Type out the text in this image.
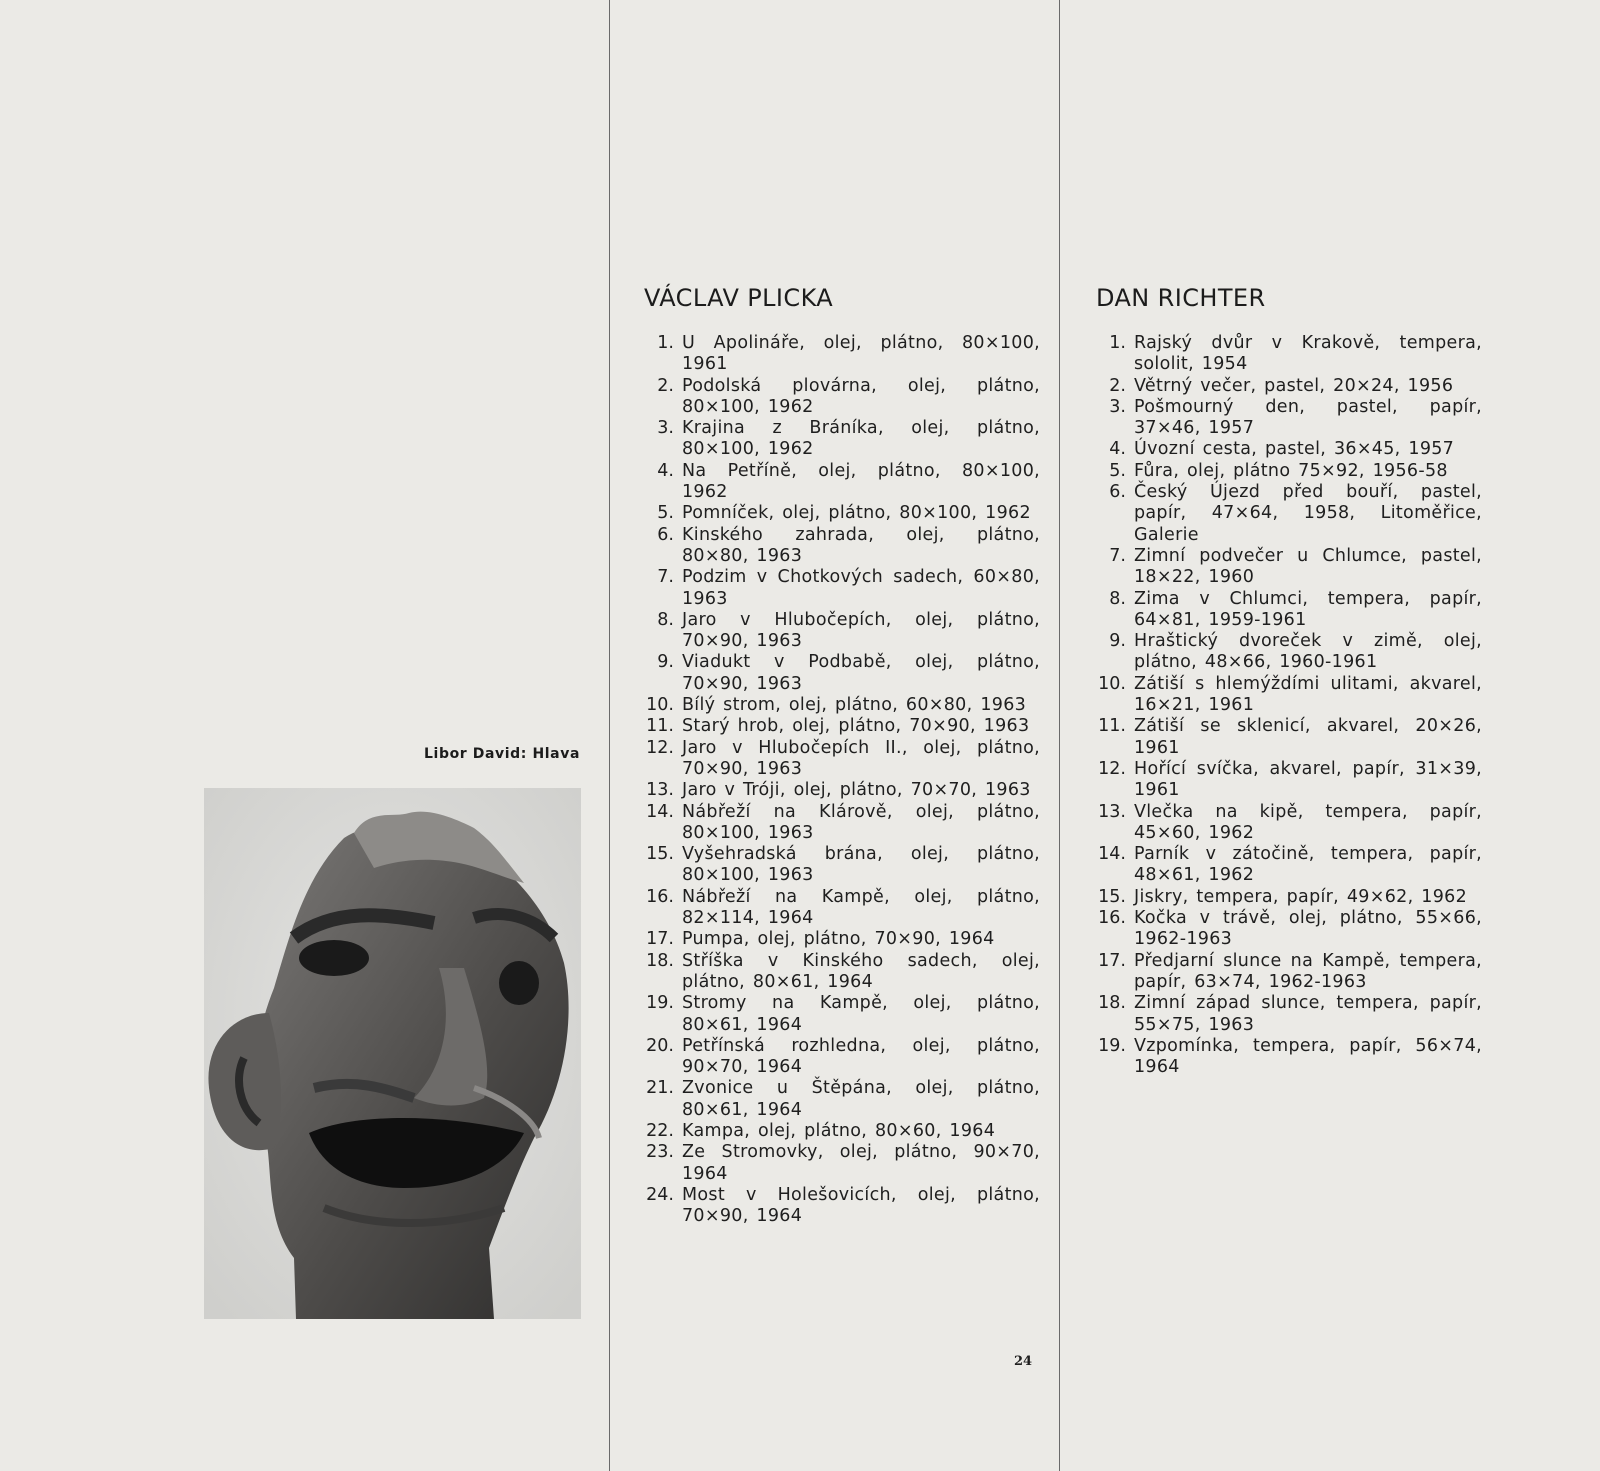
Libor David: Hlava
VÁCLAV PLICKA
1. U Apolináře, olej, plátno, 80×100, 1961
2. Podolská plovárna, olej, plátno, 80×100, 1962
3. Krajina z Bráníka, olej, plátno, 80×100, 1962
4. Na Petříně, olej, plátno, 80×100, 1962
5. Pomníček, olej, plátno, 80×100, 1962
6. Kinského zahrada, olej, plátno, 80×80, 1963
7. Podzim v Chotkových sadech, 60×80, 1963
8. Jaro v Hlubočepích, olej, plátno, 70×90, 1963
9. Viadukt v Podbabě, olej, plátno, 70×90, 1963
10. Bílý strom, olej, plátno, 60×80, 1963
11. Starý hrob, olej, plátno, 70×90, 1963
12. Jaro v Hlubočepích II., olej, plátno, 70×90, 1963
13. Jaro v Tróji, olej, plátno, 70×70, 1963
14. Nábřeží na Klárově, olej, plátno, 80×100, 1963
15. Vyšehradská brána, olej, plátno, 80×100, 1963
16. Nábřeží na Kampě, olej, plátno, 82×114, 1964
17. Pumpa, olej, plátno, 70×90, 1964
18. Stříška v Kinského sadech, olej, plátno, 80×61, 1964
19. Stromy na Kampě, olej, plátno, 80×61, 1964
20. Petřínská rozhledna, olej, plátno, 90×70, 1964
21. Zvonice u Štěpána, olej, plátno, 80×61, 1964
22. Kampa, olej, plátno, 80×60, 1964
23. Ze Stromovky, olej, plátno, 90×70, 1964
24. Most v Holešovicích, olej, plátno, 70×90, 1964
DAN RICHTER
1. Rajský dvůr v Krakově, tempera, sololit, 1954
2. Větrný večer, pastel, 20×24, 1956
3. Pošmourný den, pastel, papír, 37×46, 1957
4. Úvozní cesta, pastel, 36×45, 1957
5. Fůra, olej, plátno 75×92, 1956-58
6. Český Újezd před bouří, pastel, papír, 47×64, 1958, Litoměřice, Galerie
7. Zimní podvečer u Chlumce, pastel, 18×22, 1960
8. Zima v Chlumci, tempera, papír, 64×81, 1959-1961
9. Hraštický dvoreček v zimě, olej, plátno, 48×66, 1960-1961
10. Zátiší s hlemýždími ulitami, akvarel, 16×21, 1961
11. Zátiší se sklenicí, akvarel, 20×26, 1961
12. Hořící svíčka, akvarel, papír, 31×39, 1961
13. Vlečka na kipě, tempera, papír, 45×60, 1962
14. Parník v zátočině, tempera, papír, 48×61, 1962
15. Jiskry, tempera, papír, 49×62, 1962
16. Kočka v trávě, olej, plátno, 55×66, 1962-1963
17. Předjarní slunce na Kampě, tempera, papír, 63×74, 1962-1963
18. Zimní západ slunce, tempera, papír, 55×75, 1963
19. Vzpomínka, tempera, papír, 56×74, 1964
24
